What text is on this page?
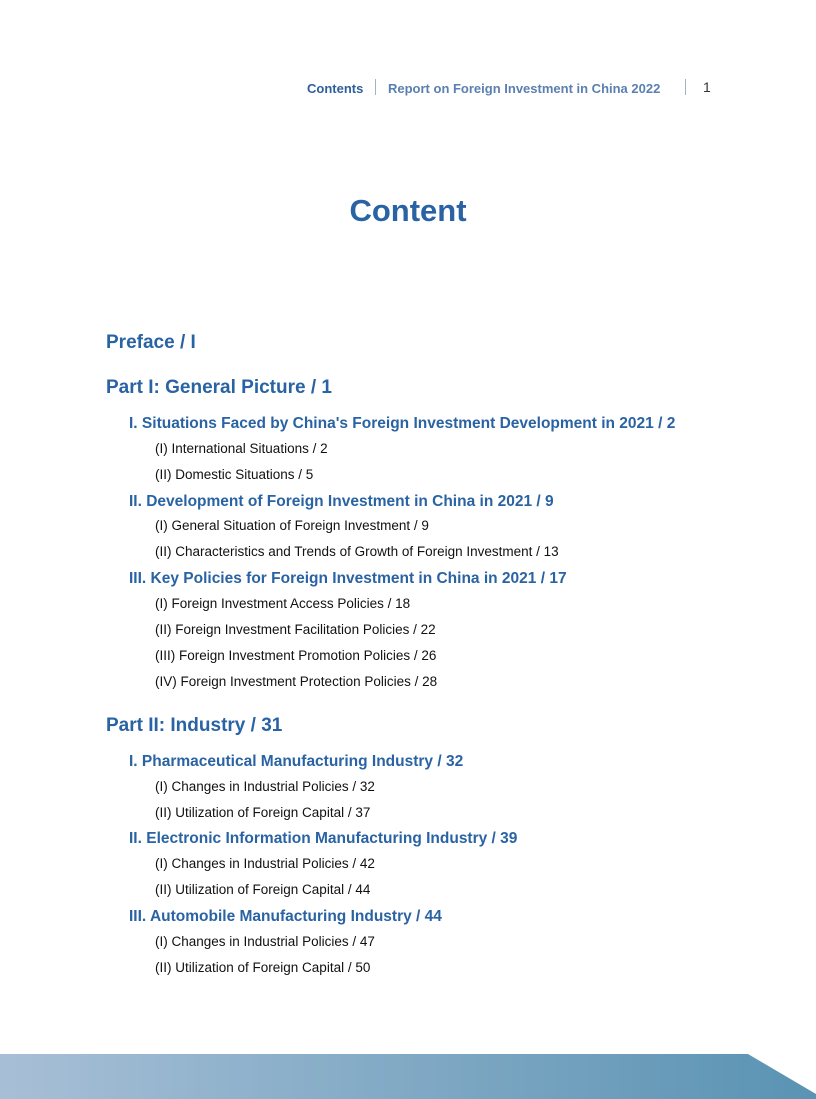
Contents Report on Foreign Investment in China 2022	1
Content
Preface / I
Part I: General Picture / 1
I. Situations Faced by China's Foreign Investment Development in 2021 / 2
(I) International Situations / 2
(II) Domestic Situations / 5
II. Development of Foreign Investment in China in 2021 / 9
(I) General Situation of Foreign Investment / 9
(II) Characteristics and Trends of Growth of Foreign Investment / 13
III. Key Policies for Foreign Investment in China in 2021 / 17
(I) Foreign Investment Access Policies / 18
(II) Foreign Investment Facilitation Policies / 22
(III) Foreign Investment Promotion Policies / 26
(IV) Foreign Investment Protection Policies / 28
Part II: Industry / 31
I. Pharmaceutical Manufacturing Industry / 32
(I) Changes in Industrial Policies / 32
(II) Utilization of Foreign Capital / 37
II. Electronic Information Manufacturing Industry / 39
(I) Changes in Industrial Policies / 42
(II) Utilization of Foreign Capital / 44
III. Automobile Manufacturing Industry / 44
(I) Changes in Industrial Policies / 47
(II) Utilization of Foreign Capital / 50
